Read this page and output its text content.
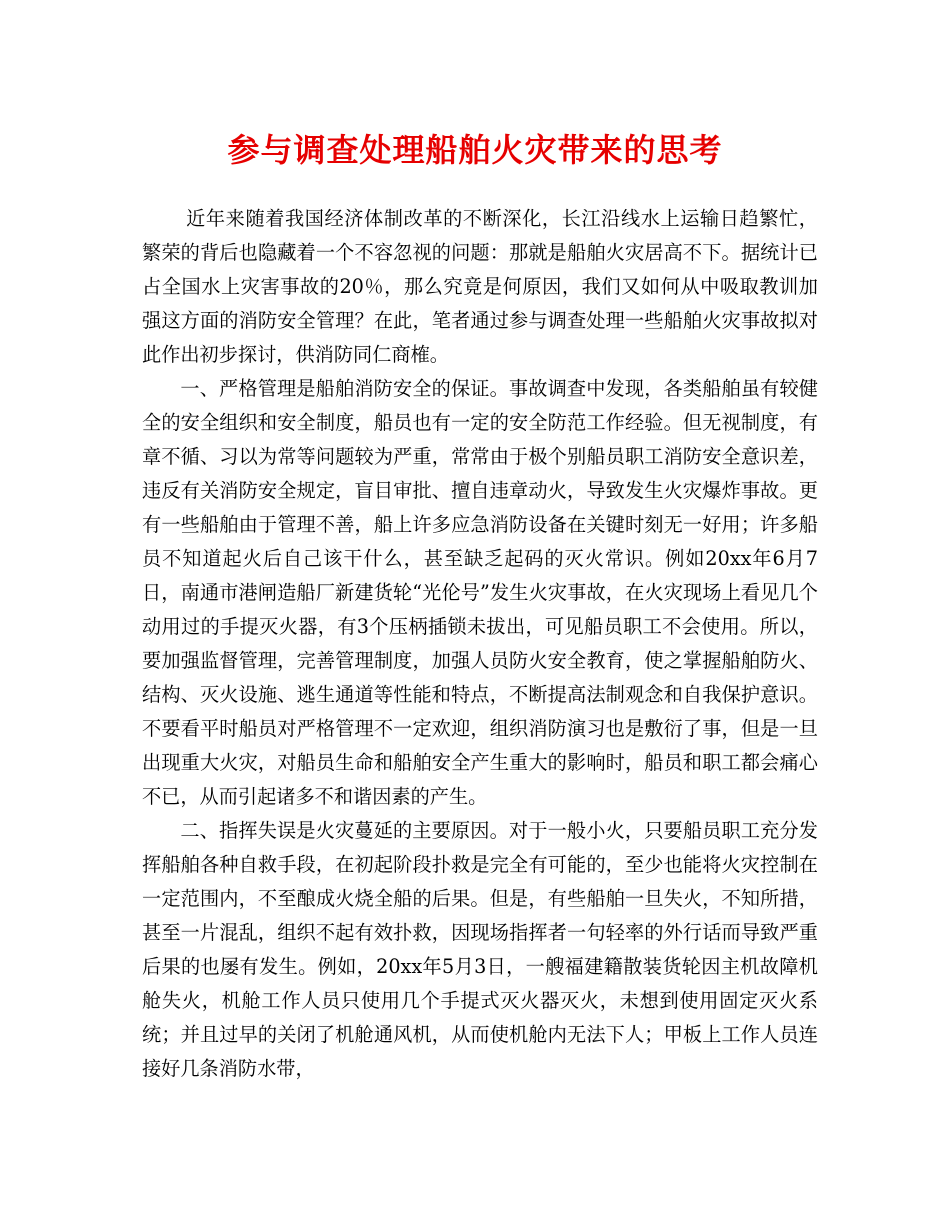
参与调查处理船舶火灾带来的思考

近年来随着我国经济体制改革的不断深化，长江沿线水上运输日趋繁忙，繁荣的背后也隐藏着一个不容忽视的问题：那就是船舶火灾居高不下。据统计已占全国水上灾害事故的20％，那么究竟是何原因，我们又如何从中吸取教训加强这方面的消防安全管理？在此，笔者通过参与调查处理一些船舶火灾事故拟对此作出初步探讨，供消防同仁商榷。

一、严格管理是船舶消防安全的保证。事故调查中发现，各类船舶虽有较健全的安全组织和安全制度，船员也有一定的安全防范工作经验。但无视制度，有章不循、习以为常等问题较为严重，常常由于极个别船员职工消防安全意识差，违反有关消防安全规定，盲目审批、擅自违章动火，导致发生火灾爆炸事故。更有一些船舶由于管理不善，船上许多应急消防设备在关键时刻无一好用；许多船员不知道起火后自己该干什么，甚至缺乏起码的灭火常识。例如20xx年6月7日，南通市港闸造船厂新建货轮“光伦号”发生火灾事故，在火灾现场上看见几个动用过的手提灭火器，有3个压柄插锁未拔出，可见船员职工不会使用。所以，要加强监督管理，完善管理制度，加强人员防火安全教育，使之掌握船舶防火、结构、灭火设施、逃生通道等性能和特点，不断提高法制观念和自我保护意识。不要看平时船员对严格管理不一定欢迎，组织消防演习也是敷衍了事，但是一旦出现重大火灾，对船员生命和船舶安全产生重大的影响时，船员和职工都会痛心不已，从而引起诸多不和谐因素的产生。

二、指挥失误是火灾蔓延的主要原因。对于一般小火，只要船员职工充分发挥船舶各种自救手段，在初起阶段扑救是完全有可能的，至少也能将火灾控制在一定范围内，不至酿成火烧全船的后果。但是，有些船舶一旦失火，不知所措，甚至一片混乱，组织不起有效扑救，因现场指挥者一句轻率的外行话而导致严重后果的也屡有发生。例如，20xx年5月3日，一艘福建籍散装货轮因主机故障机舱失火，机舱工作人员只使用几个手提式灭火器灭火，未想到使用固定灭火系统；并且过早的关闭了机舱通风机，从而使机舱内无法下人；甲板上工作人员连接好几条消防水带，
